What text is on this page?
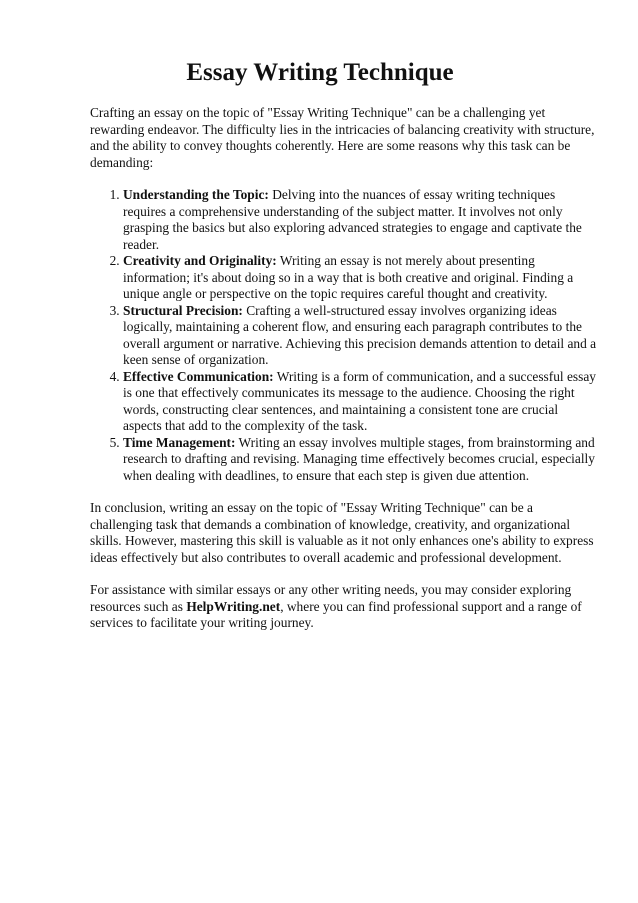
Essay Writing Technique

Crafting an essay on the topic of "Essay Writing Technique" can be a challenging yet rewarding endeavor. The difficulty lies in the intricacies of balancing creativity with structure, and the ability to convey thoughts coherently. Here are some reasons why this task can be demanding:

1. Understanding the Topic: Delving into the nuances of essay writing techniques requires a comprehensive understanding of the subject matter. It involves not only grasping the basics but also exploring advanced strategies to engage and captivate the reader.
2. Creativity and Originality: Writing an essay is not merely about presenting information; it's about doing so in a way that is both creative and original. Finding a unique angle or perspective on the topic requires careful thought and creativity.
3. Structural Precision: Crafting a well-structured essay involves organizing ideas logically, maintaining a coherent flow, and ensuring each paragraph contributes to the overall argument or narrative. Achieving this precision demands attention to detail and a keen sense of organization.
4. Effective Communication: Writing is a form of communication, and a successful essay is one that effectively communicates its message to the audience. Choosing the right words, constructing clear sentences, and maintaining a consistent tone are crucial aspects that add to the complexity of the task.
5. Time Management: Writing an essay involves multiple stages, from brainstorming and research to drafting and revising. Managing time effectively becomes crucial, especially when dealing with deadlines, to ensure that each step is given due attention.

In conclusion, writing an essay on the topic of "Essay Writing Technique" can be a challenging task that demands a combination of knowledge, creativity, and organizational skills. However, mastering this skill is valuable as it not only enhances one's ability to express ideas effectively but also contributes to overall academic and professional development.

For assistance with similar essays or any other writing needs, you may consider exploring resources such as HelpWriting.net, where you can find professional support and a range of services to facilitate your writing journey.
